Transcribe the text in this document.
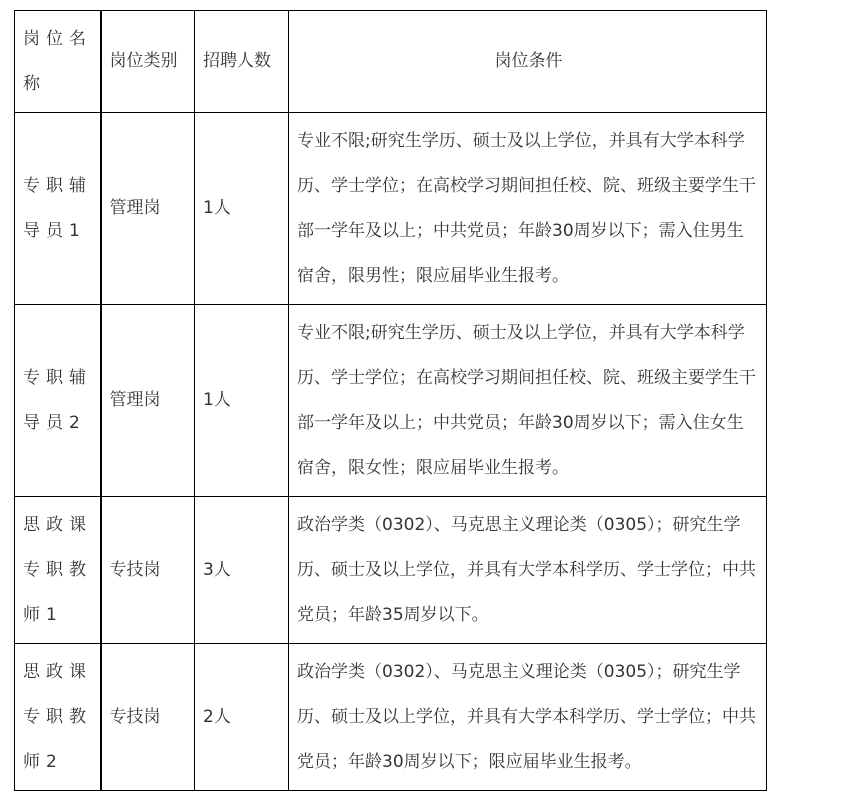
岗位名称	岗位类别	招聘人数	岗位条件

专职辅导员1	管理岗	1人	专业不限;研究生学历、硕士及以上学位，并具有大学本科学历、学士学位；在高校学习期间担任校、院、班级主要学生干部一学年及以上；中共党员；年龄30周岁以下；需入住男生宿舍，限男性；限应届毕业生报考。

专职辅导员2	管理岗	1人	专业不限;研究生学历、硕士及以上学位，并具有大学本科学历、学士学位；在高校学习期间担任校、院、班级主要学生干部一学年及以上；中共党员；年龄30周岁以下；需入住女生宿舍，限女性；限应届毕业生报考。

思政课专职教师1	专技岗	3人	政治学类（0302）、马克思主义理论类（0305）；研究生学历、硕士及以上学位，并具有大学本科学历、学士学位；中共党员；年龄35周岁以下。

思政课专职教师2	专技岗	2人	政治学类（0302）、马克思主义理论类（0305）；研究生学历、硕士及以上学位，并具有大学本科学历、学士学位；中共党员；年龄30周岁以下；限应届毕业生报考。
